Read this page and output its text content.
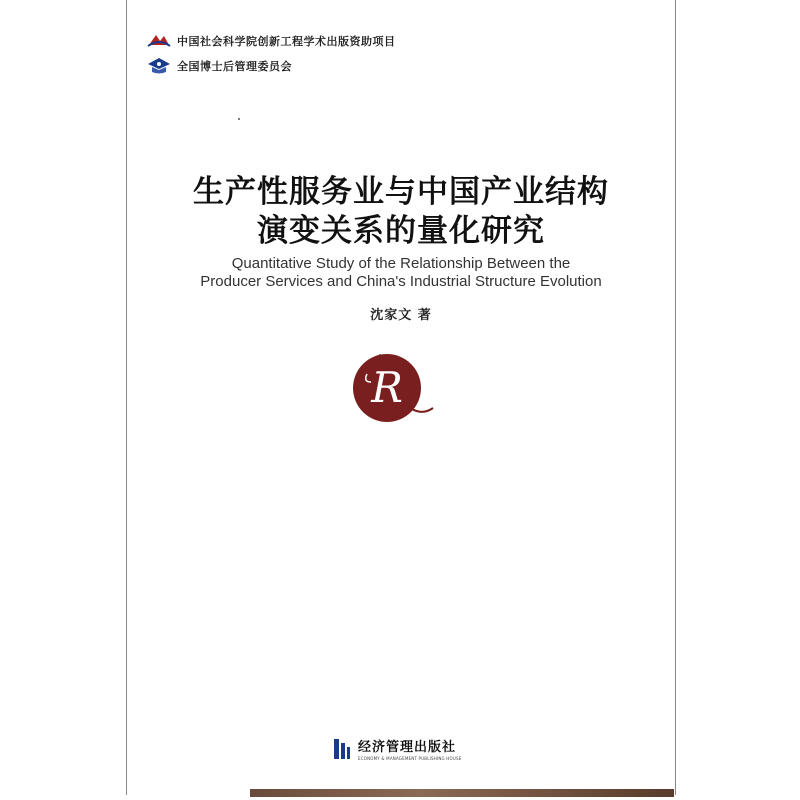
中国社会科学院创新工程学术出版资助项目
全国博士后管理委员会
生产性服务业与中国产业结构
演变关系的量化研究
Quantitative Study of the Relationship Between the
Producer Services and China's Industrial Structure Evolution
沈家文 著
R
经济管理出版社
ECONOMY & MANAGEMENT PUBLISHING HOUSE
